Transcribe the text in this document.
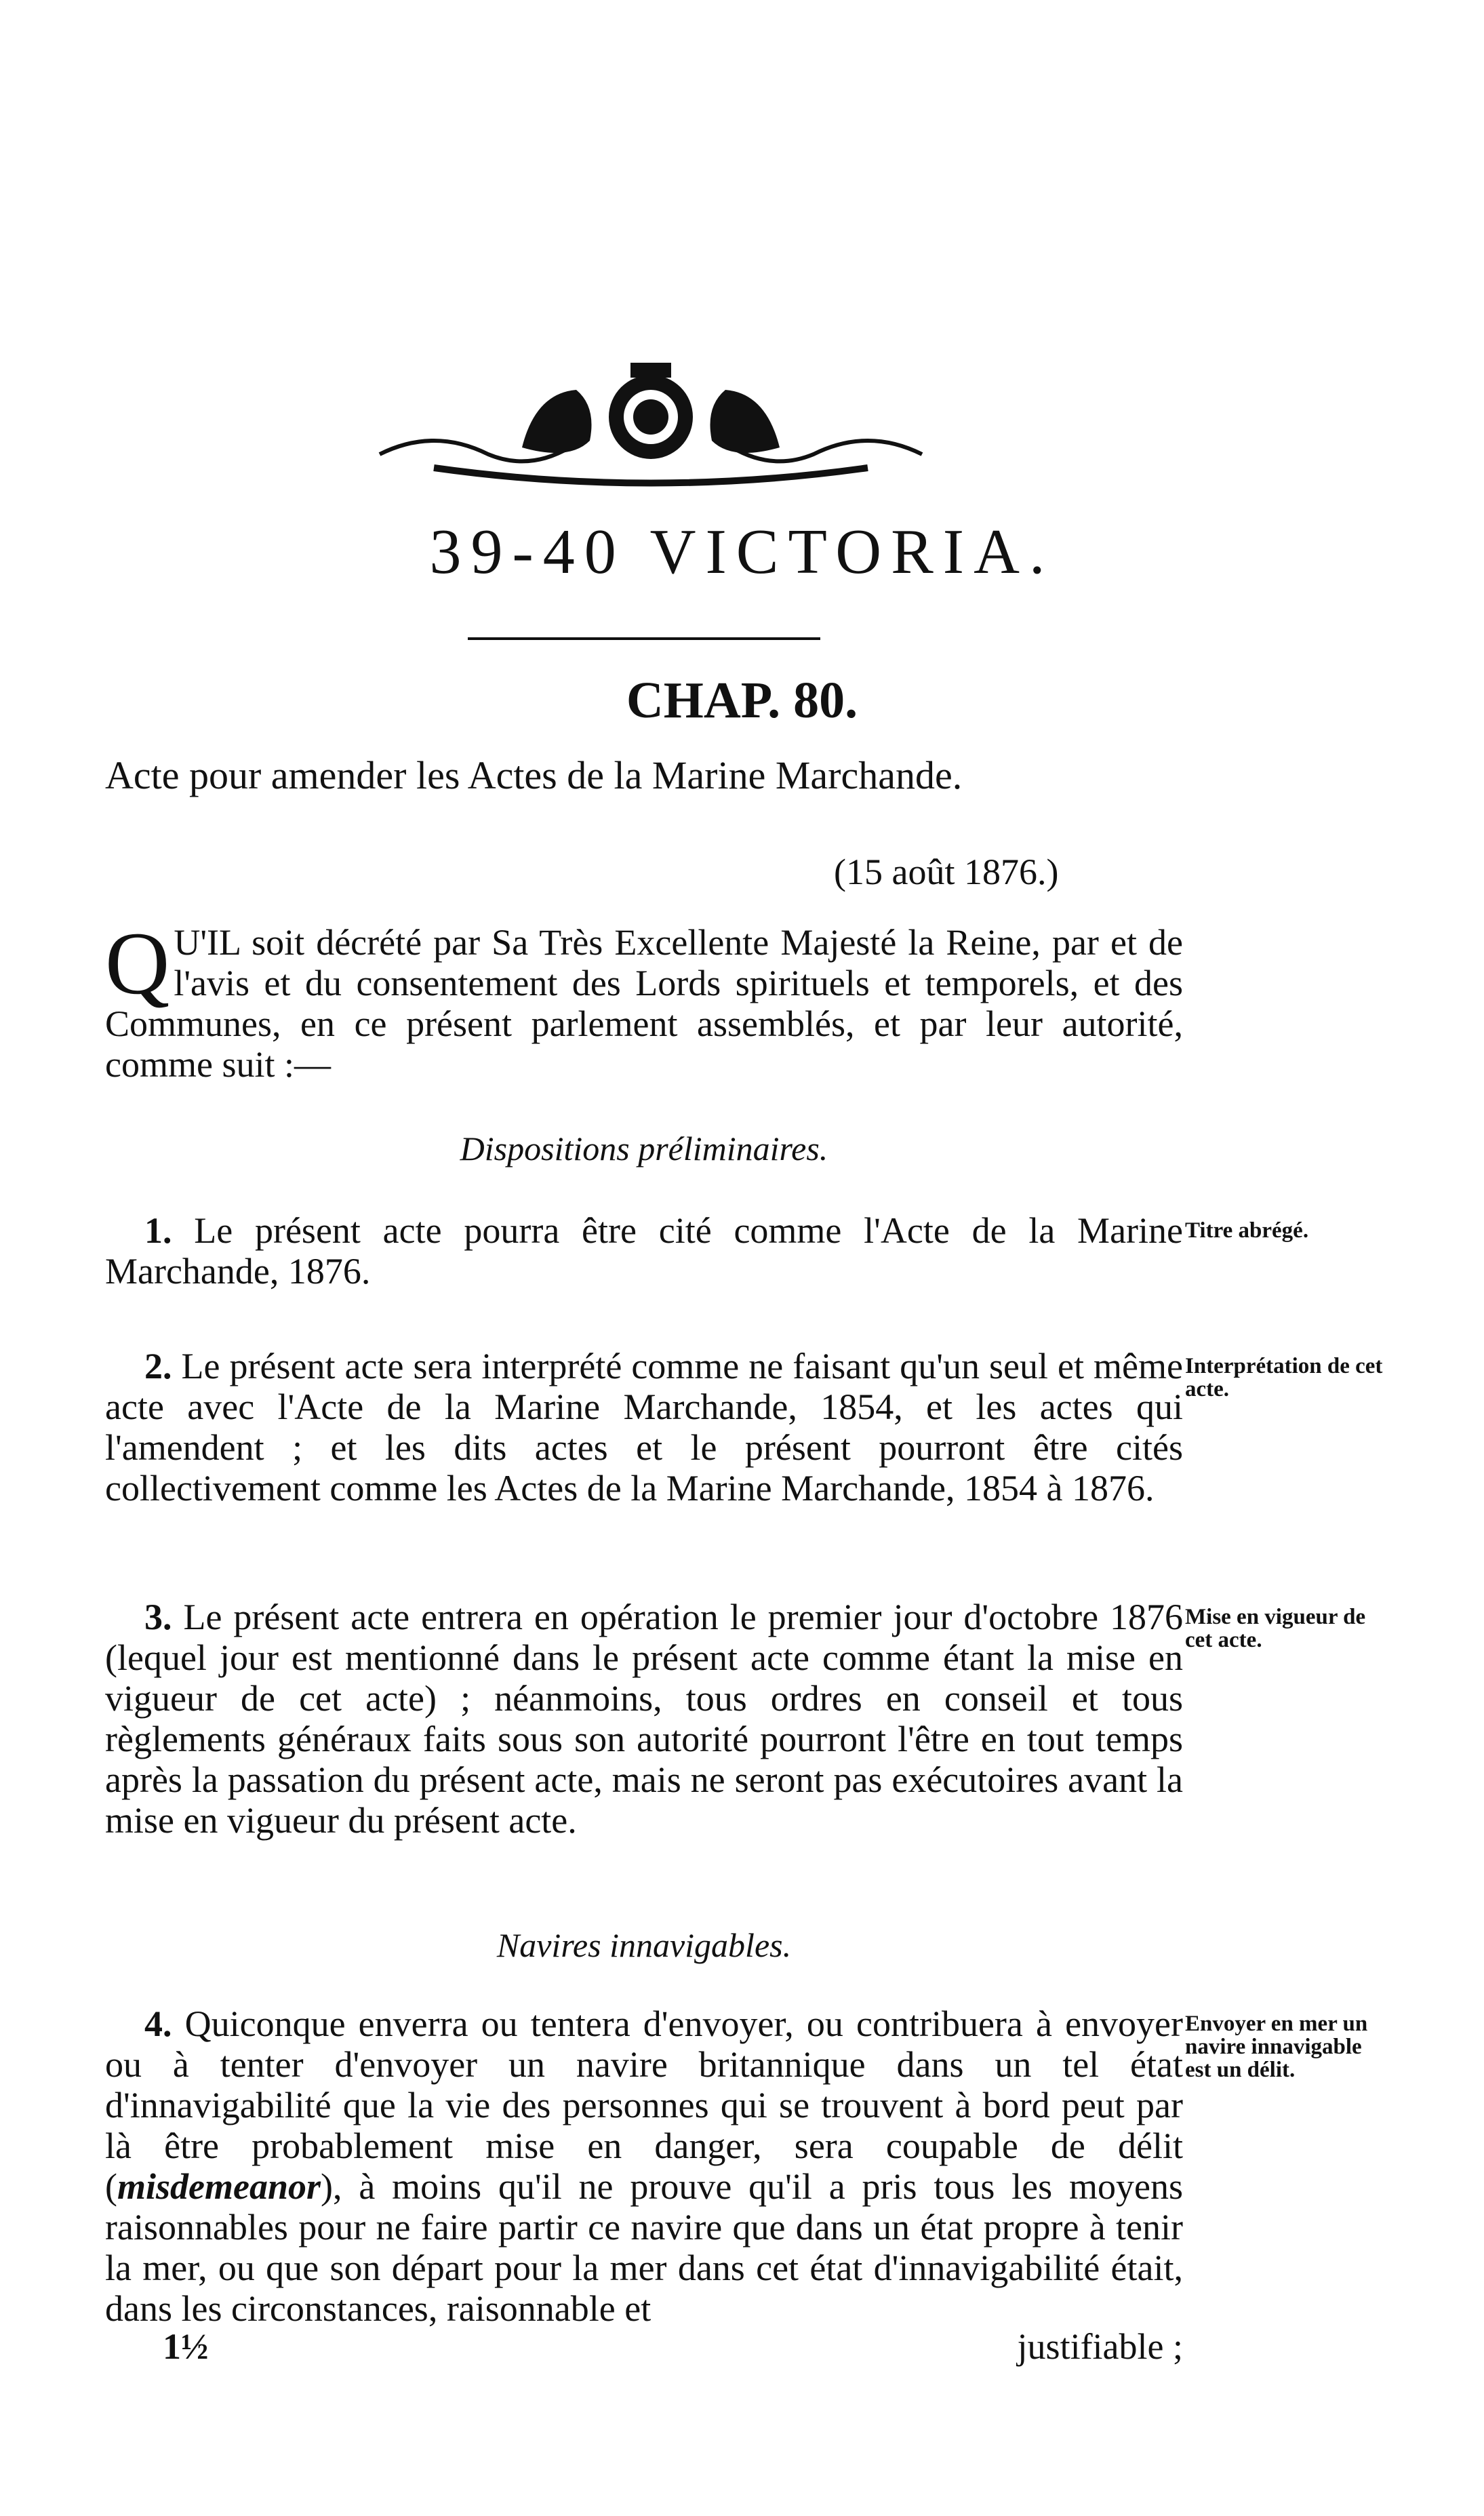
39-40 VICTORIA.
CHAP. 80.
Acte pour amender les Actes de la Marine Marchande.
(15 août 1876.)
Q U'IL soit décrété par Sa Très Excellente Majesté la Reine, par et de l'avis et du consentement des Lords spirituels et temporels, et des Communes, en ce présent parlement assemblés, et par leur autorité, comme suit :—
Dispositions préliminaires.
1. Le présent acte pourra être cité comme l'Acte de la Marine Marchande, 1876.
Titre abrégé.
2. Le présent acte sera interprété comme ne faisant qu'un seul et même acte avec l'Acte de la Marine Marchande, 1854, et les actes qui l'amendent ; et les dits actes et le présent pourront être cités collectivement comme les Actes de la Marine Marchande, 1854 à 1876.
Interprétation de cet acte.
3. Le présent acte entrera en opération le premier jour d'octobre 1876 (lequel jour est mentionné dans le présent acte comme étant la mise en vigueur de cet acte) ; néanmoins, tous ordres en conseil et tous règlements généraux faits sous son autorité pourront l'être en tout temps après la passation du présent acte, mais ne seront pas exécutoires avant la mise en vigueur du présent acte.
Mise en vigueur de cet acte.
Navires innavigables.
4. Quiconque enverra ou tentera d'envoyer, ou contribuera à envoyer ou à tenter d'envoyer un navire britannique dans un tel état d'innavigabilité que la vie des personnes qui se trouvent à bord peut par là être probablement mise en danger, sera coupable de délit (misdemeanor), à moins qu'il ne prouve qu'il a pris tous les moyens raisonnables pour ne faire partir ce navire que dans un état propre à tenir la mer, ou que son départ pour la mer dans cet état d'innavigabilité était, dans les circonstances, raisonnable et
Envoyer en mer un navire innavigable est un délit.
1½	justifiable ;
